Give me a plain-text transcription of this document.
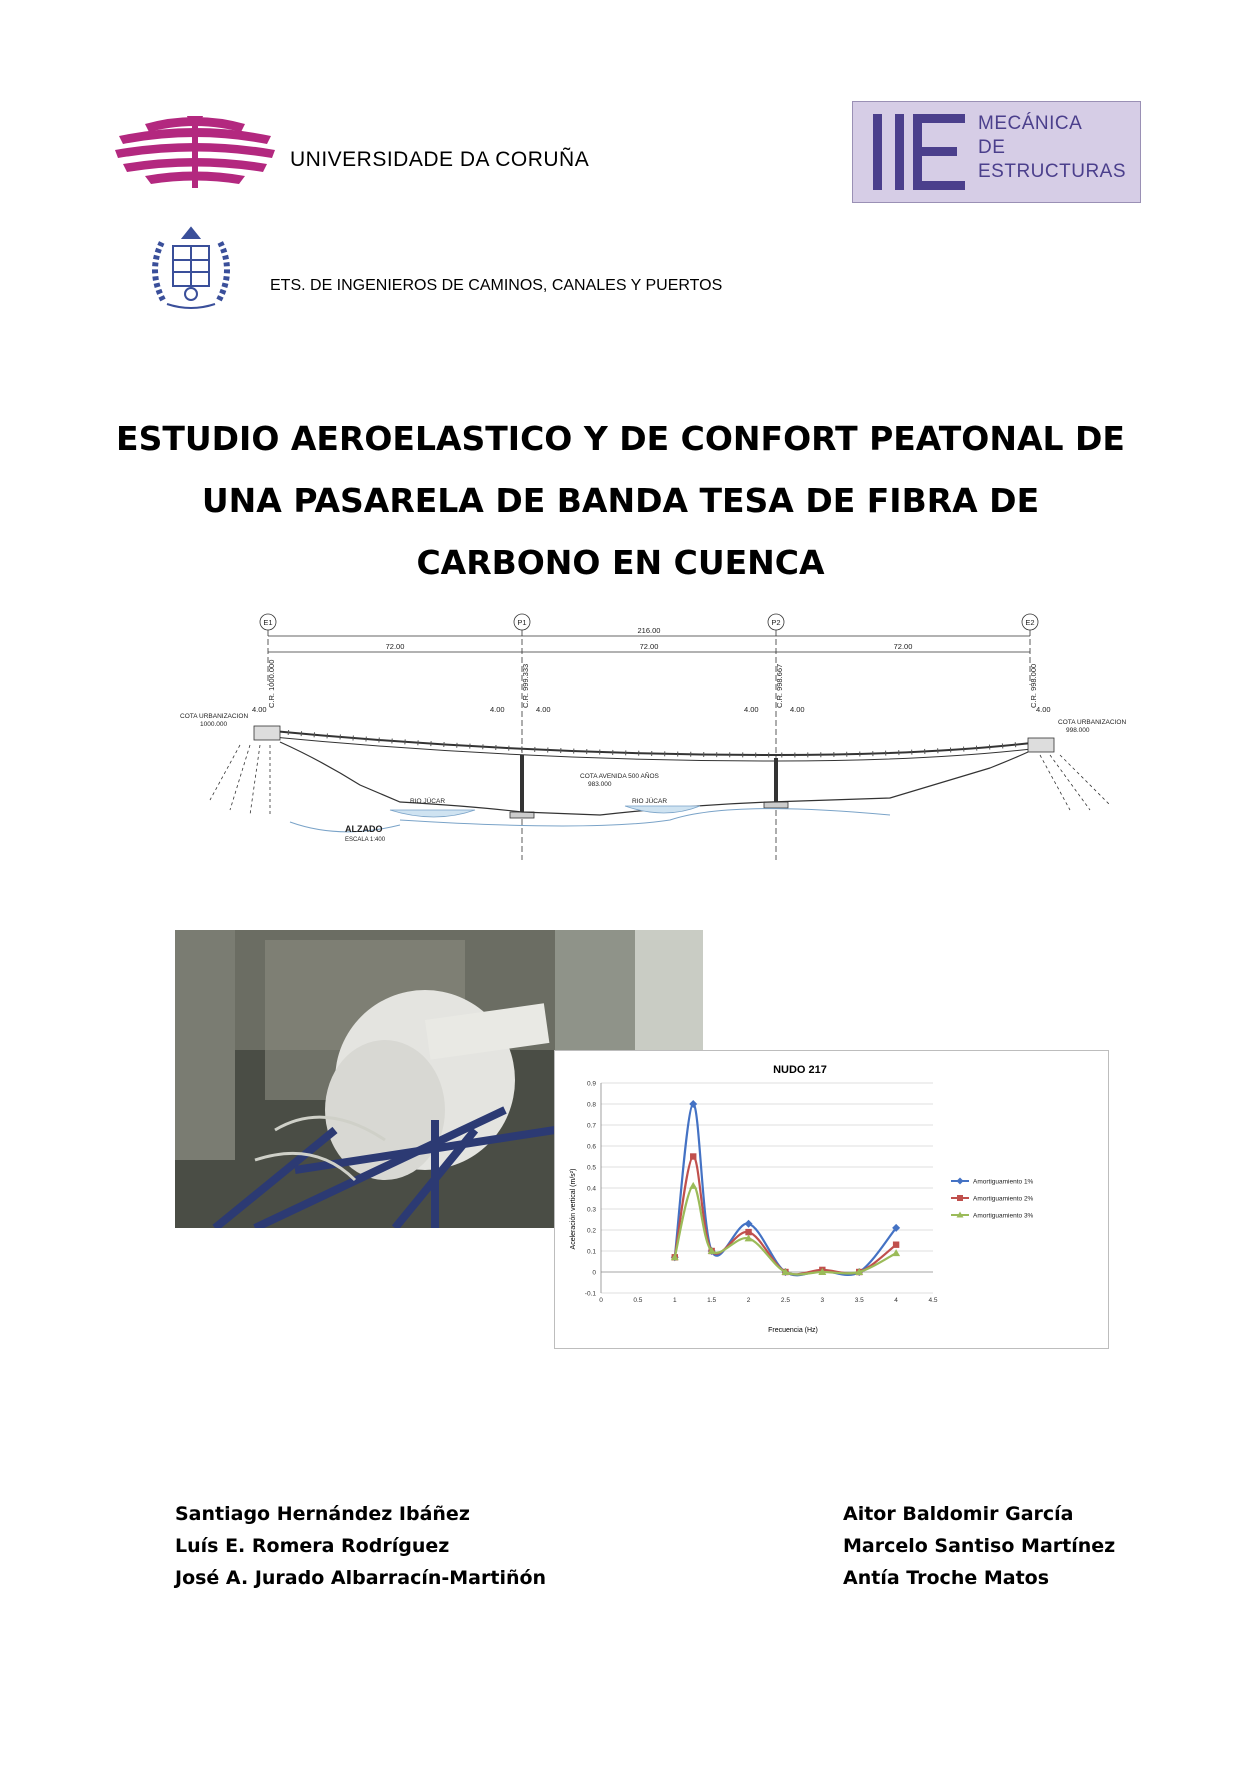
UNIVERSIDADE DA CORUÑA
ETS. DE INGENIEROS DE CAMINOS, CANALES Y PUERTOS
MECÁNICA
DE
ESTRUCTURAS
ESTUDIO AEROELASTICO Y DE CONFORT PEATONAL DE
UNA PASARELA DE BANDA TESA DE FIBRA DE
CARBONO EN CUENCA
E1	P1	P2	E2
216.00
72.00	72.00	72.00
C.R. 1000.000	C.R. 999.333	C.R. 998.667	C.R. 998.000
4.00	4.00	4.00	4.00	4.00	4.00
COTA URBANIZACION
1000.000	COTA URBANIZACION
998.000
COTA AVENIDA 500 AÑOS
983.000
RIO JÚCAR	RIO JÚCAR
ALZADO
ESCALA 1:400
NUDO 217
-0.1
0
0.1
0.2
0.3
0.4
0.5
0.6
0.7
0.8
0.9
0	0.5	1	1.5	2	2.5	3	3.5	4	4.5
Frecuencia (Hz)
Aceleración vertical (m/s²)	Amortiguamiento 1%
Amortiguamiento 2%
Amortiguamiento 3%
Santiago Hernández Ibáñez
Luís E. Romera Rodríguez
José A. Jurado Albarracín-Martiñón
Aitor Baldomir García
Marcelo Santiso Martínez
Antía Troche Matos
